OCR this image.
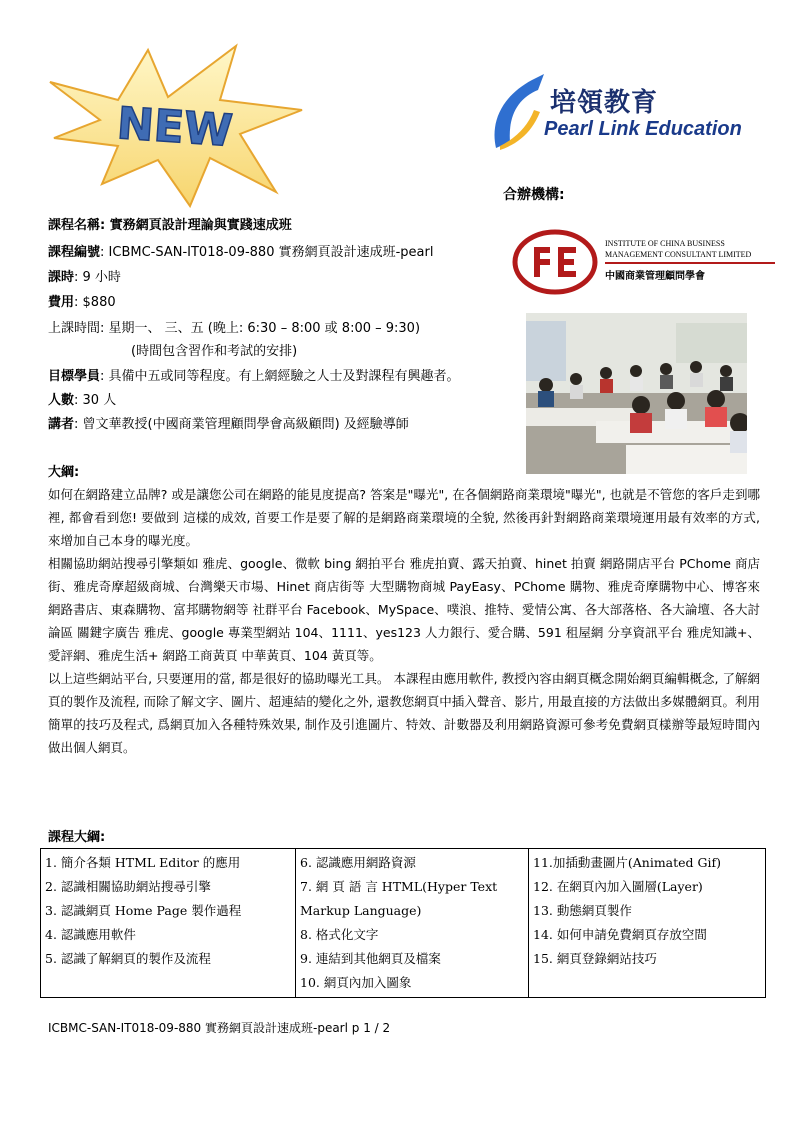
NEW	培領教育
Pearl Link Education
合辦機構:
INSTITUTE OF CHINA BUSINESS
MANAGEMENT CONSULTANT LIMITED
中國商業管理顧問學會
課程名稱: 實務網頁設計理論與實踐速成班
課程編號: ICBMC-SAN-IT018-09-880 實務網頁設計速成班-pearl
課時: 9 小時
費用: $880
上課時間: 星期一、 三、五 (晚上: 6:30 – 8:00 或 8:00 – 9:30)
(時間包含習作和考試的安排)
目標學員: 具備中五或同等程度。有上網經驗之人士及對課程有興趣者。
人數: 30 人
講者: 曾文華教授(中國商業管理顧問學會高級顧問) 及經驗導師
大綱:

如何在網路建立品牌? 或是讓您公司在網路的能見度提高? 答案是"曝光", 在各個網路商業環境"曝光", 也就是不管您的客戶走到哪裡, 都會看到您! 要做到 這樣的成效, 首要工作是要了解的是網路商業環境的全貌, 然後再針對網路商業環境運用最有效率的方式, 來增加自己本身的曝光度。

相關協助網站搜尋引擎類如 雅虎、google、微軟 bing 網拍平台 雅虎拍賣、露天拍賣、hinet 拍賣 網路開店平台 PChome 商店街、雅虎奇摩超級商城、台灣樂天市場、Hinet 商店街等 大型購物商城 PayEasy、PChome 購物、雅虎奇摩購物中心、博客來網路書店、東森購物、富邦購物網等 社群平台 Facebook、MySpace、噗浪、推特、愛情公寓、各大部落格、各大論壇、各大討論區 關鍵字廣告 雅虎、google 專業型網站 104、1111、yes123 人力銀行、愛合購、591 租屋網 分享資訊平台 雅虎知識+、愛評網、雅虎生活+ 網路工商黃頁 中華黃頁、104 黃頁等。

以上這些網站平台, 只要運用的當, 都是很好的協助曝光工具。 本課程由應用軟件, 教授內容由網頁概念開始網頁編輯概念, 了解網頁的製作及流程, 而除了解文字、圖片、超連結的變化之外, 還教您網頁中插入聲音、影片, 用最直接的方法做出多媒體網頁。利用簡單的技巧及程式, 爲網頁加入各種特殊效果, 制作及引進圖片、特效、計數器及利用網路資源可參考免費網頁樣辦等最短時間內做出個人網頁。

課程大綱:
1. 簡介各類 HTML Editor 的應用
2. 認識相關協助網站搜尋引擎
3. 認識網頁 Home Page 製作過程
4. 認識應用軟件
5. 認識了解網頁的製作及流程

6. 認識應用網路資源
7. 網 頁 語 言 HTML(Hyper Text
Markup Language)
8. 格式化文字
9. 連結到其他網頁及檔案
10. 網頁內加入圖象

11.加插動畫圖片(Animated Gif)
12. 在網頁內加入圖層(Layer)
13. 動態網頁製作
14. 如何申請免費網頁存放空間
15. 網頁登錄網站技巧
ICBMC-SAN-IT018-09-880 實務網頁設計速成班-pearl p 1 / 2
